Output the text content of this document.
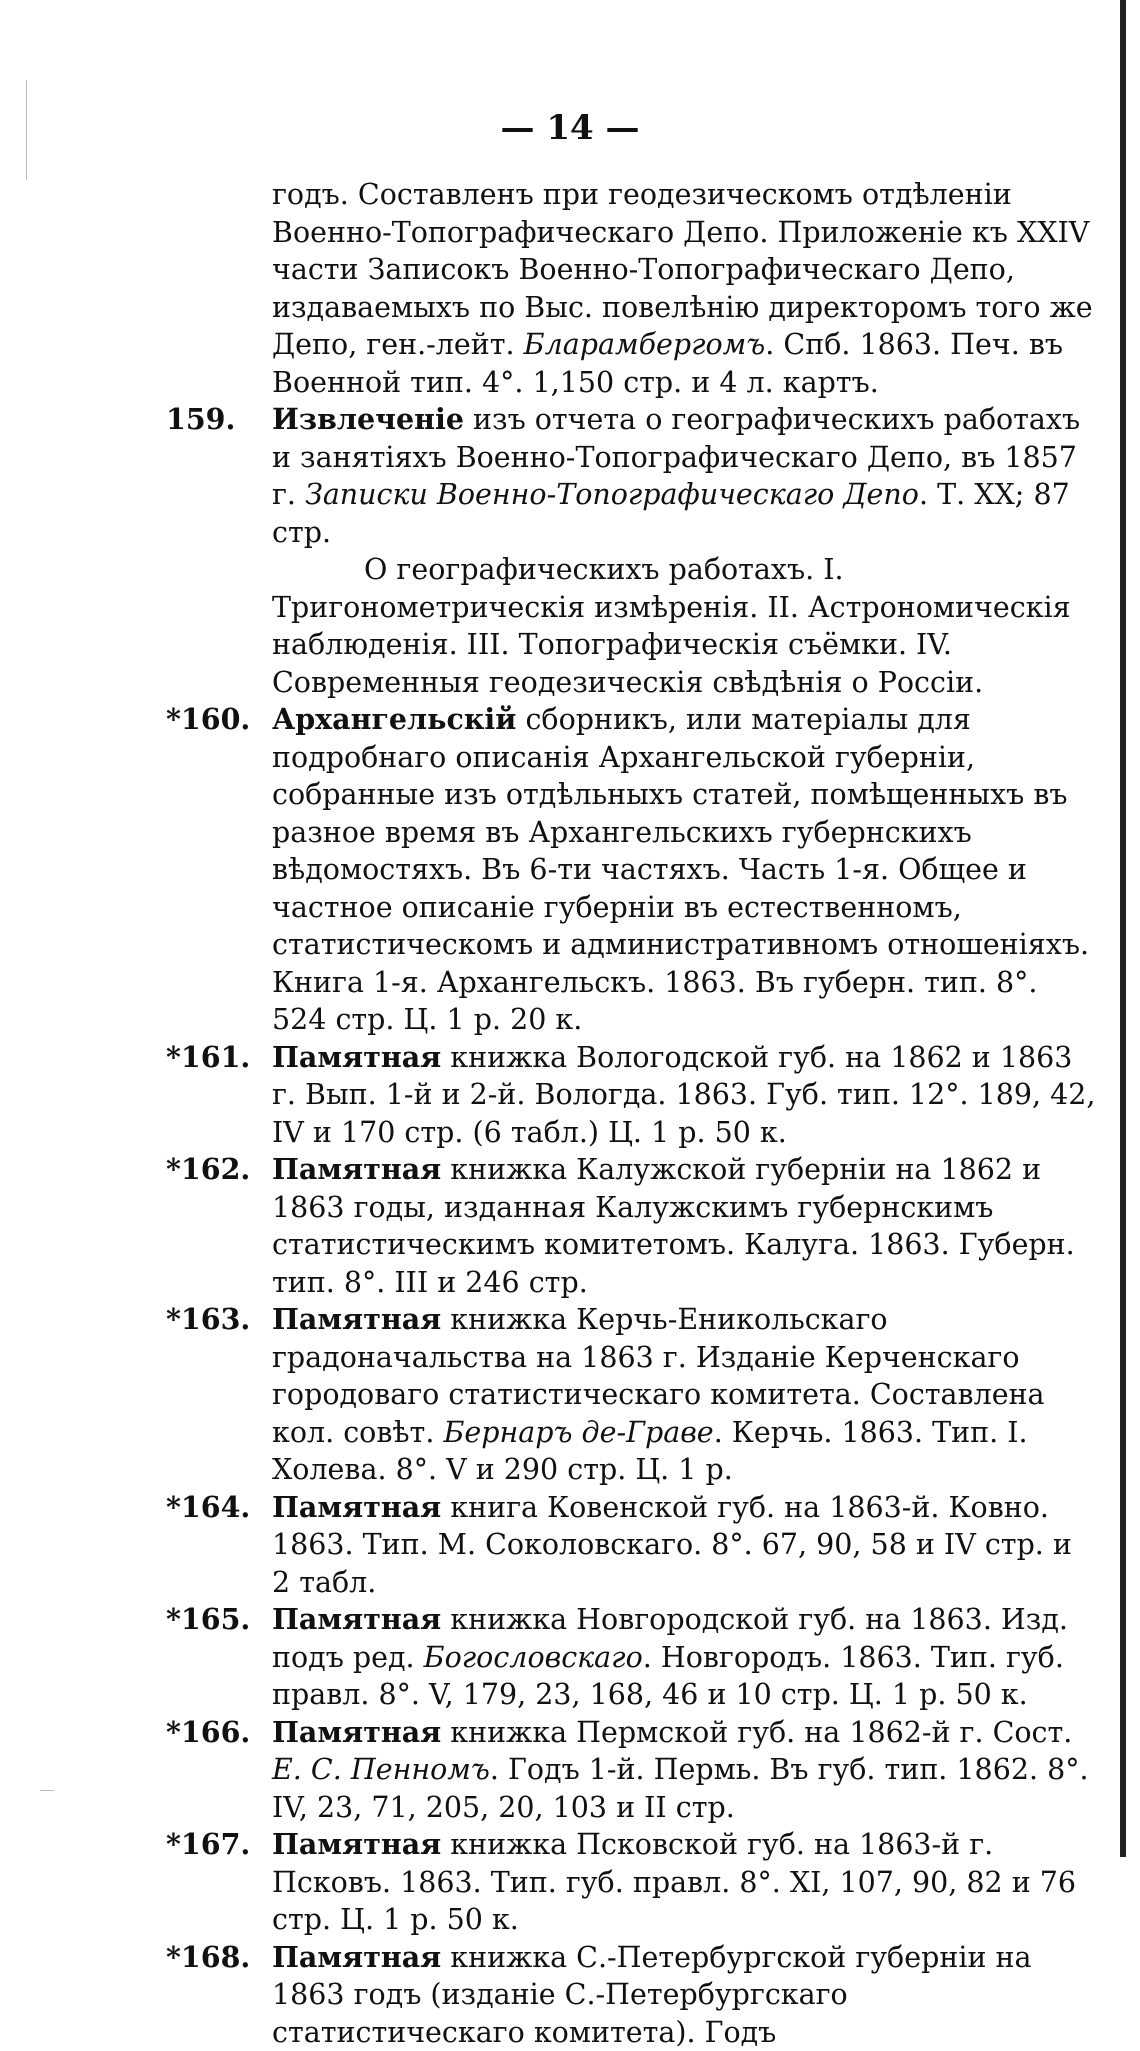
— 14 —

годъ. Составленъ при геодезическомъ отдѣленіи Военно-Топографическаго Депо. Приложеніе къ XXIV части Записокъ Военно-Топографическаго Депо, издаваемыхъ по Выс. повелѣнію директоромъ того же Депо, ген.-лейт. Бларамбергомъ. Спб. 1863. Печ. въ Военной тип. 4°. 1,150 стр. и 4 л. картъ.

159. Извлеченіе изъ отчета о географическихъ работахъ и занятіяхъ Военно-Топографическаго Депо, въ 1857 г. Записки Военно-Топографическаго Депо. Т. XX; 87 стр.

О географическихъ работахъ. I. Тригонометрическія измѣренія. II. Астрономическія наблюденія. III. Топографическія съёмки. IV. Современныя геодезическія свѣдѣнія о Россіи.

*160. Архангельскій сборникъ, или матеріалы для подробнаго описанія Архангельской губерніи, собранные изъ отдѣльныхъ статей, помѣщенныхъ въ разное время въ Архангельскихъ губернскихъ вѣдомостяхъ. Въ 6-ти частяхъ. Часть 1-я. Общее и частное описаніе губерніи въ естественномъ, статистическомъ и административномъ отношеніяхъ. Книга 1-я. Архангельскъ. 1863. Въ губерн. тип. 8°. 524 стр. Ц. 1 р. 20 к.

*161. Памятная книжка Вологодской губ. на 1862 и 1863 г. Вып. 1-й и 2-й. Вологда. 1863. Губ. тип. 12°. 189, 42, IV и 170 стр. (6 табл.) Ц. 1 р. 50 к.

*162. Памятная книжка Калужской губерніи на 1862 и 1863 годы, изданная Калужскимъ губернскимъ статистическимъ комитетомъ. Калуга. 1863. Губерн. тип. 8°. III и 246 стр.

*163. Памятная книжка Керчь-Еникольскаго градоначальства на 1863 г. Изданіе Керченскаго городоваго статистическаго комитета. Составлена кол. совѣт. Бернаръ де-Граве. Керчь. 1863. Тип. I. Холева. 8°. V и 290 стр. Ц. 1 р.

*164. Памятная книга Ковенской губ. на 1863-й. Ковно. 1863. Тип. М. Соколовскаго. 8°. 67, 90, 58 и IV стр. и 2 табл.

*165. Памятная книжка Новгородской губ. на 1863. Изд. подъ ред. Богословскаго. Новгородъ. 1863. Тип. губ. правл. 8°. V, 179, 23, 168, 46 и 10 стр. Ц. 1 р. 50 к.

*166. Памятная книжка Пермской губ. на 1862-й г. Сост. Е. С. Пенномъ. Годъ 1-й. Пермь. Въ губ. тип. 1862. 8°. IV, 23, 71, 205, 20, 103 и II стр.

*167. Памятная книжка Псковской губ. на 1863-й г. Псковъ. 1863. Тип. губ. правл. 8°. XI, 107, 90, 82 и 76 стр. Ц. 1 р. 50 к.

*168. Памятная книжка С.-Петербургской губерніи на 1863 годъ (изданіе С.-Петербургскаго статистическаго комитета). Годъ
